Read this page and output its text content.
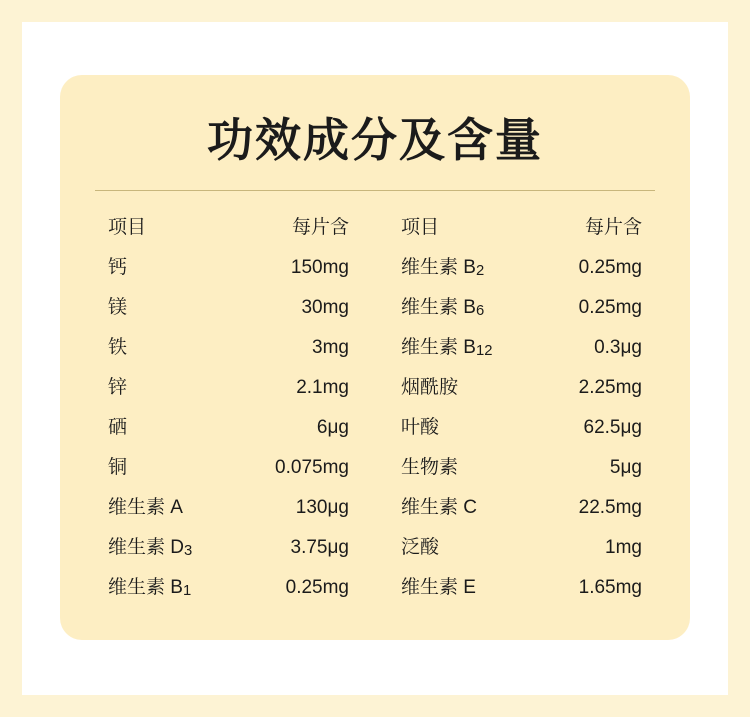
功效成分及含量
项目	每片含
钙	150mg
镁	30mg
铁	3mg
锌	2.1mg
硒	6μg
铜	0.075mg
维生素 A	130μg
维生素 D3	3.75μg
维生素 B1	0.25mg
项目	每片含
维生素 B2	0.25mg
维生素 B6	0.25mg
维生素 B12	0.3μg
烟酰胺	2.25mg
叶酸	62.5μg
生物素	5μg
维生素 C	22.5mg
泛酸	1mg
维生素 E	1.65mg
